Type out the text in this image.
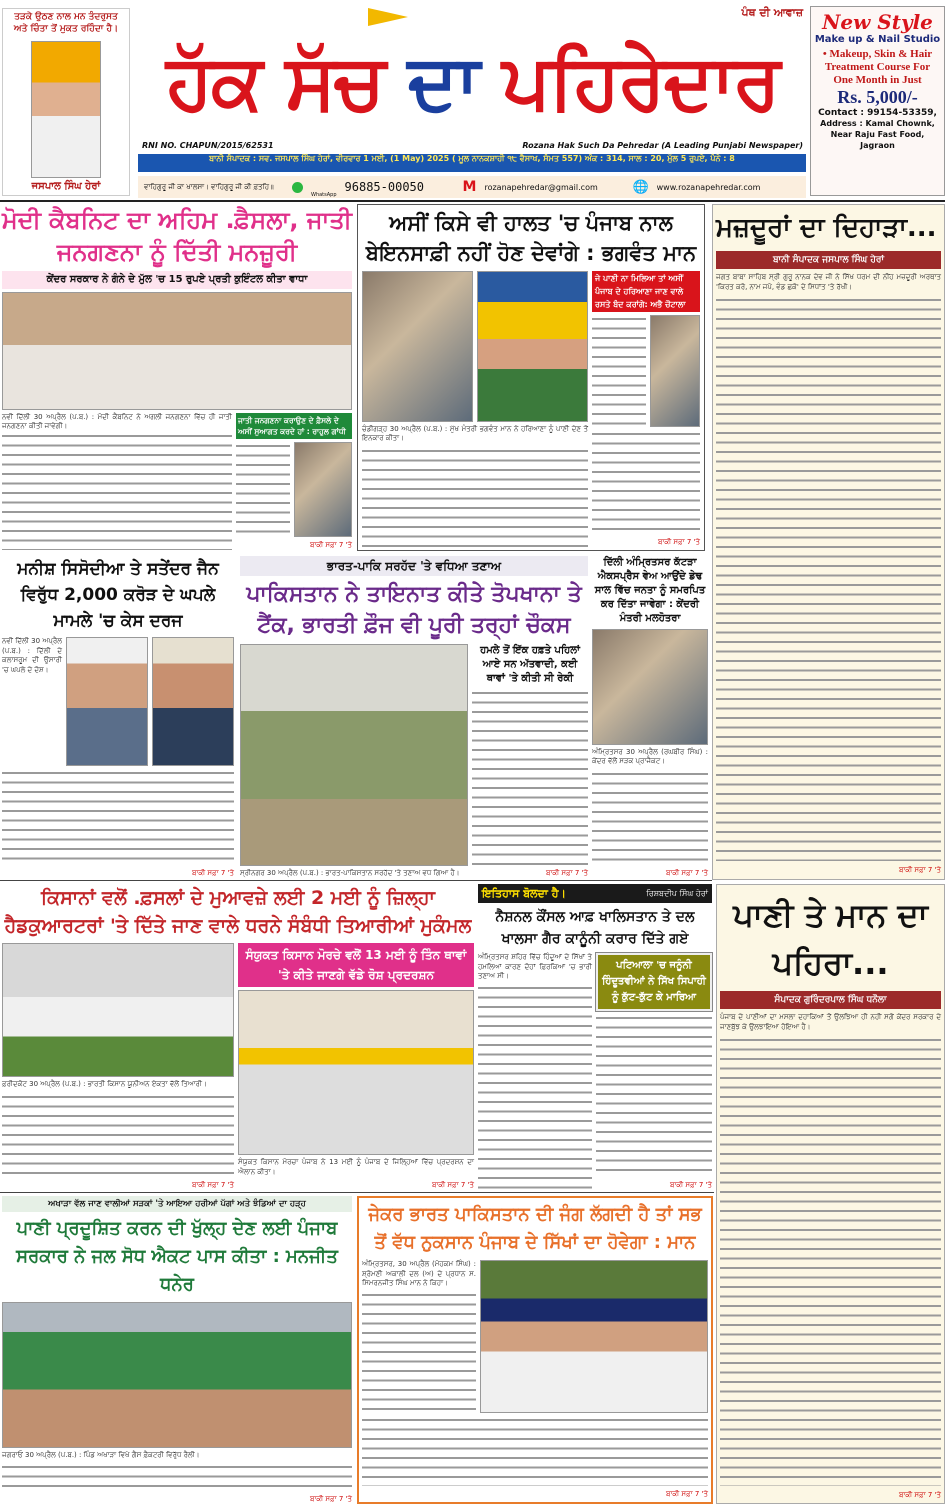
ਤੜਕੇ ਉਠਣ ਨਾਲ ਮਨ ਤੰਦਰੁਸਤ ਅਤੇ ਚਿੰਤਾ ਤੋਂ ਮੁਕਤ ਰਹਿੰਦਾ ਹੈ।
ਜਸਪਾਲ ਸਿੰਘ ਹੇਰਾਂ
ਪੰਥ ਦੀ ਆਵਾਜ਼
ਹੱਕ ਸੱਚ ਦਾ ਪਹਿਰੇਦਾਰ
RNI NO. CHAPUN/2015/62531	Rozana Hak Such Da Pehredar (A Leading Punjabi Newspaper)
ਬਾਨੀ ਸੰਪਾਦਕ : ਸਵ. ਜਸਪਾਲ ਸਿੰਘ ਹੇਰਾਂ, ਵੀਰਵਾਰ 1 ਮਈ, (1 May) 2025 ( ਮੂਲ ਨਾਨਕਸ਼ਾਹੀ ੧੮ ਵੈਸਾਖ, ਸੰਮਤ 557) ਅੰਕ : 314, ਸਾਲ : 20, ਮੁੱਲ 5 ਰੁਪਏ, ਪੰਨੇ : 8
ਵਾਹਿਗੁਰੂ ਜੀ ਕਾ ਖਾਲਸਾ। ਵਾਹਿਗੁਰੂ ਜੀ ਕੀ ਫ਼ਤਹਿ॥
WhatsApp
96885-00050	M rozanapehredar@gmail.com	🌐 www.rozanapehredar.com
New Style
Make up & Nail Studio
• Makeup, Skin & Hair Treatment Course For One Month in Just
Rs. 5,000/-
Contact : 99154-53359,
Address : Kamal Chownk, Near Raju Fast Food, Jagraon
ਮੋਦੀ ਕੈਬਨਿਟ ਦਾ ਅਹਿਮ .ਫ਼ੈਸਲਾ, ਜਾਤੀ ਜਨਗਣਨਾ ਨੂੰ ਦਿੱਤੀ ਮਨਜ਼ੂਰੀ
ਕੇਂਦਰ ਸਰਕਾਰ ਨੇ ਗੰਨੇ ਦੇ ਮੁੱਲ 'ਚ 15 ਰੁਪਏ ਪ੍ਰਤੀ ਕੁਇੰਟਲ ਕੀਤਾ ਵਾਧਾ
ਨਵੀਂ ਦਿੱਲੀ 30 ਅਪ੍ਰੈਲ (ਪ.ਬ.) : ਮੋਦੀ ਕੈਬਨਿਟ ਨੇ ਅਗਲੀ ਜਨਗਣਨਾ ਵਿੱਚ ਹੀ ਜਾਤੀ ਜਨਗਣਨਾ ਕੀਤੀ ਜਾਵੇਗੀ।
ਜਾਤੀ ਜਨਗਣਨਾ ਕਰਾਉਣ ਦੇ ਫ਼ੈਸਲੇ ਦੇ ਅਸੀਂ ਸੁਆਗਤ ਕਰਦੇ ਹਾਂ : ਰਾਹੁਲ ਗਾਂਧੀ
ਬਾਕੀ ਸਫ਼ਾ 7 'ਤੇ
ਅਸੀਂ ਕਿਸੇ ਵੀ ਹਾਲਤ 'ਚ ਪੰਜਾਬ ਨਾਲ ਬੇਇਨਸਾਫ਼ੀ ਨਹੀਂ ਹੋਣ ਦੇਵਾਂਗੇ : ਭਗਵੰਤ ਮਾਨ
ਚੰਡੀਗੜ੍ਹ 30 ਅਪ੍ਰੈਲ (ਪ.ਬ.) : ਮੁੱਖ ਮੰਤਰੀ ਭਗਵੰਤ ਮਾਨ ਨੇ ਹਰਿਆਣਾ ਨੂੰ ਪਾਣੀ ਦੇਣ ਤੋਂ ਇਨਕਾਰ ਕੀਤਾ।
ਜੇ ਪਾਣੀ ਨਾ ਮਿਲਿਆ ਤਾਂ ਅਸੀਂ ਪੰਜਾਬ ਦੇ ਹਰਿਆਣਾ ਜਾਣ ਵਾਲੇ ਰਸਤੇ ਬੰਦ ਕਰਾਂਗੇ: ਅਭੈ ਚੌਟਾਲਾ
ਬਾਕੀ ਸਫ਼ਾ 7 'ਤੇ
ਮਜ਼ਦੂਰਾਂ ਦਾ ਦਿਹਾੜਾ...
ਬਾਨੀ ਸੰਪਾਦਕ ਜਸਪਾਲ ਸਿੰਘ ਹੇਰਾਂ
ਜਗਤ ਬਾਬਾ ਸਾਹਿਬ ਸ੍ਰੀ ਗੁਰੂ ਨਾਨਕ ਦੇਵ ਜੀ ਨੇ ਸਿੱਖ ਧਰਮ ਦੀ ਨੀਂਹ ਮਜ਼ਦੂਰੀ ਅਰਥਾਤ 'ਕਿਰਤ ਕਰੋ, ਨਾਮ ਜਪੋ, ਵੰਡ ਛਕੋ' ਦੇ ਸਿਧਾਂਤ 'ਤੇ ਰੱਖੀ।
ਬਾਕੀ ਸਫ਼ਾ 7 'ਤੇ
ਮਨੀਸ਼ ਸਿਸੋਦੀਆ ਤੇ ਸਤੇਂਦਰ ਜੈਨ ਵਿਰੁੱਧ 2,000 ਕਰੋੜ ਦੇ ਘਪਲੇ ਮਾਮਲੇ 'ਚ ਕੇਸ ਦਰਜ
ਨਵੀਂ ਦਿੱਲੀ 30 ਅਪ੍ਰੈਲ (ਪ.ਬ.) : ਦਿੱਲੀ ਦੇ ਕਲਾਸਰੂਮ ਦੀ ਉਸਾਰੀ 'ਚ ਘਪਲੇ ਦੇ ਦੋਸ਼।
ਬਾਕੀ ਸਫ਼ਾ 7 'ਤੇ
ਭਾਰਤ-ਪਾਕਿ ਸਰਹੱਦ 'ਤੇ ਵਧਿਆ ਤਣਾਅ
ਪਾਕਿਸਤਾਨ ਨੇ ਤਾਇਨਾਤ ਕੀਤੇ ਤੋਪਖਾਨਾ ਤੇ ਟੈਂਕ, ਭਾਰਤੀ ਫ਼ੌਜ ਵੀ ਪੂਰੀ ਤਰ੍ਹਾਂ ਚੌਕਸ
ਸ੍ਰੀਨਗਰ 30 ਅਪ੍ਰੈਲ (ਪ.ਬ.) : ਭਾਰਤ-ਪਾਕਿਸਤਾਨ ਸਰਹੱਦ 'ਤੇ ਤਣਾਅ ਵਧ ਗਿਆ ਹੈ।
ਹਮਲੇ ਤੋਂ ਇੱਕ ਹਫ਼ਤੇ ਪਹਿਲਾਂ ਆਏ ਸਨ ਅੱਤਵਾਦੀ, ਕਈ ਥਾਵਾਂ 'ਤੇ ਕੀਤੀ ਸੀ ਰੇਕੀ
ਬਾਕੀ ਸਫ਼ਾ 7 'ਤੇ
ਦਿੱਲੀ ਅੰਮ੍ਰਿਤਸਰ ਕੱਟੜਾ ਐਕਸਪ੍ਰੈਸ ਵੇਅ ਆਉਂਦੇ ਡੇਢ ਸਾਲ ਵਿੱਚ ਜਨਤਾ ਨੂੰ ਸਮਰਪਿਤ ਕਰ ਦਿੱਤਾ ਜਾਵੇਗਾ : ਕੇਂਦਰੀ ਮੰਤਰੀ ਮਲਹੋਤਰਾ
ਅੰਮ੍ਰਿਤਸਰ 30 ਅਪ੍ਰੈਲ (ਰਘਬੀਰ ਸਿੰਘ) : ਕੇਂਦਰ ਵੱਲੋਂ ਸੜਕ ਪ੍ਰਾਜੈਕਟ।
ਬਾਕੀ ਸਫ਼ਾ 7 'ਤੇ
ਕਿਸਾਨਾਂ ਵਲੋਂ .ਫ਼ਸਲਾਂ ਦੇ ਮੁਆਵਜ਼ੇ ਲਈ 2 ਮਈ ਨੂੰ ਜ਼ਿਲ੍ਹਾ ਹੈਡਕੁਆਰਟਰਾਂ 'ਤੇ ਦਿੱਤੇ ਜਾਣ ਵਾਲੇ ਧਰਨੇ ਸੰਬੰਧੀ ਤਿਆਰੀਆਂ ਮੁਕੰਮਲ
ਫ਼ਰੀਦਕੋਟ 30 ਅਪ੍ਰੈਲ (ਪ.ਬ.) : ਭਾਰਤੀ ਕਿਸਾਨ ਯੂਨੀਅਨ ਏਕਤਾ ਵੱਲੋਂ ਤਿਆਰੀ।
ਬਾਕੀ ਸਫ਼ਾ 7 'ਤੇ
ਸੰਯੁਕਤ ਕਿਸਾਨ ਮੋਰਚੇ ਵਲੋਂ 13 ਮਈ ਨੂੰ ਤਿੰਨ ਥਾਵਾਂ 'ਤੇ ਕੀਤੇ ਜਾਣਗੇ ਵੱਡੇ ਰੋਸ਼ ਪ੍ਰਦਰਸ਼ਨ
ਸੰਯੁਕਤ ਕਿਸਾਨ ਮੋਰਚਾ ਪੰਜਾਬ ਨੇ 13 ਮਈ ਨੂੰ ਪੰਜਾਬ ਦੇ ਜਿਲ੍ਹਿਆਂ ਵਿੱਚ ਪ੍ਰਦਰਸ਼ਨ ਦਾ ਐਲਾਨ ਕੀਤਾ।
ਬਾਕੀ ਸਫ਼ਾ 7 'ਤੇ
ਇਤਿਹਾਸ ਬੋਲਦਾ ਹੈ।	ਰਿਸ਼ਬਦੀਪ ਸਿੰਘ ਹੇਰਾਂ
ਨੈਸ਼ਨਲ ਕੌਂਸਲ ਆਫ਼ ਖਾਲਿਸਤਾਨ ਤੇ ਦਲ ਖਾਲਸਾ ਗੈਰ ਕਾਨੂੰਨੀ ਕਰਾਰ ਦਿੱਤੇ ਗਏ
ਅੰਮ੍ਰਿਤਸਰ ਸ਼ਹਿਰ ਵਿੱਚ ਹਿੰਦੂਆਂ ਦੇ ਸਿੱਖਾਂ ਤੇ ਹਮਲਿਆਂ ਕਾਰਣ ਦੋਹਾਂ ਫ਼ਿਰਕਿਆਂ 'ਚ ਭਾਰੀ ਤਣਾਅ ਸੀ।
ਪਟਿਆਲਾ 'ਚ ਜਨੂੰਨੀ ਹਿੰਦੂਤਵੀਆਂ ਨੇ ਸਿੱਖ ਸਿਪਾਹੀ ਨੂੰ ਕੁੱਟ-ਕੁੱਟ ਕੇ ਮਾਰਿਆ
ਬਾਕੀ ਸਫ਼ਾ 7 'ਤੇ
ਪਾਣੀ ਤੇ ਮਾਨ ਦਾ ਪਹਿਰਾ...
ਸੰਪਾਦਕ ਗੁਰਿੰਦਰਪਾਲ ਸਿੰਘ ਧਨੌਲਾ
ਪੰਜਾਬ ਦੇ ਪਾਣੀਆਂ ਦਾ ਮਸਲਾ ਦਹਾਕਿਆਂ ਤੋਂ ਉਲਝਿਆ ਹੀ ਨਹੀਂ ਸਗੋਂ ਕੇਂਦਰ ਸਰਕਾਰ ਦੇ ਜਾਣਬੁੱਝ ਕੇ ਉਲਝਾਇਆ ਹੋਇਆ ਹੈ।
ਬਾਕੀ ਸਫ਼ਾ 7 'ਤੇ
ਅਖਾੜਾ ਵੱਲ ਜਾਣ ਵਾਲੀਆਂ ਸੜਕਾਂ 'ਤੇ ਆਇਆ ਹਰੀਆਂ ਪੱਗਾਂ ਅਤੇ ਝੰਡਿਆਂ ਦਾ ਹੜ੍ਹ
ਪਾਣੀ ਪ੍ਰਦੂਸ਼ਿਤ ਕਰਨ ਦੀ ਖੁੱਲ੍ਹ ਦੇਣ ਲਈ ਪੰਜਾਬ ਸਰਕਾਰ ਨੇ ਜਲ ਸੋਧ ਐਕਟ ਪਾਸ ਕੀਤਾ : ਮਨਜੀਤ ਧਨੇਰ
ਜਗਰਾਓਂ 30 ਅਪ੍ਰੈਲ (ਪ.ਬ.) : ਪਿੰਡ ਅਖਾੜਾ ਵਿਖੇ ਗੈਸ ਫ਼ੈਕਟਰੀ ਵਿਰੁੱਧ ਰੈਲੀ।
ਬਾਕੀ ਸਫ਼ਾ 7 'ਤੇ
ਜੇਕਰ ਭਾਰਤ ਪਾਕਿਸਤਾਨ ਦੀ ਜੰਗ ਲੱਗਦੀ ਹੈ ਤਾਂ ਸਭ ਤੋਂ ਵੱਧ ਨੁਕਸਾਨ ਪੰਜਾਬ ਦੇ ਸਿੱਖਾਂ ਦਾ ਹੋਵੇਗਾ : ਮਾਨ
ਅੰਮ੍ਰਿਤਸਰ, 30 ਅਪ੍ਰੈਲ (ਮੋਹਕਮ ਸਿੰਘ) : ਸ਼੍ਰੋਮਣੀ ਅਕਾਲੀ ਦਲ (ਅ) ਦੇ ਪ੍ਰਧਾਨ ਸ. ਸਿਮਰਨਜੀਤ ਸਿੰਘ ਮਾਨ ਨੇ ਕਿਹਾ।
ਬਾਕੀ ਸਫ਼ਾ 7 'ਤੇ
